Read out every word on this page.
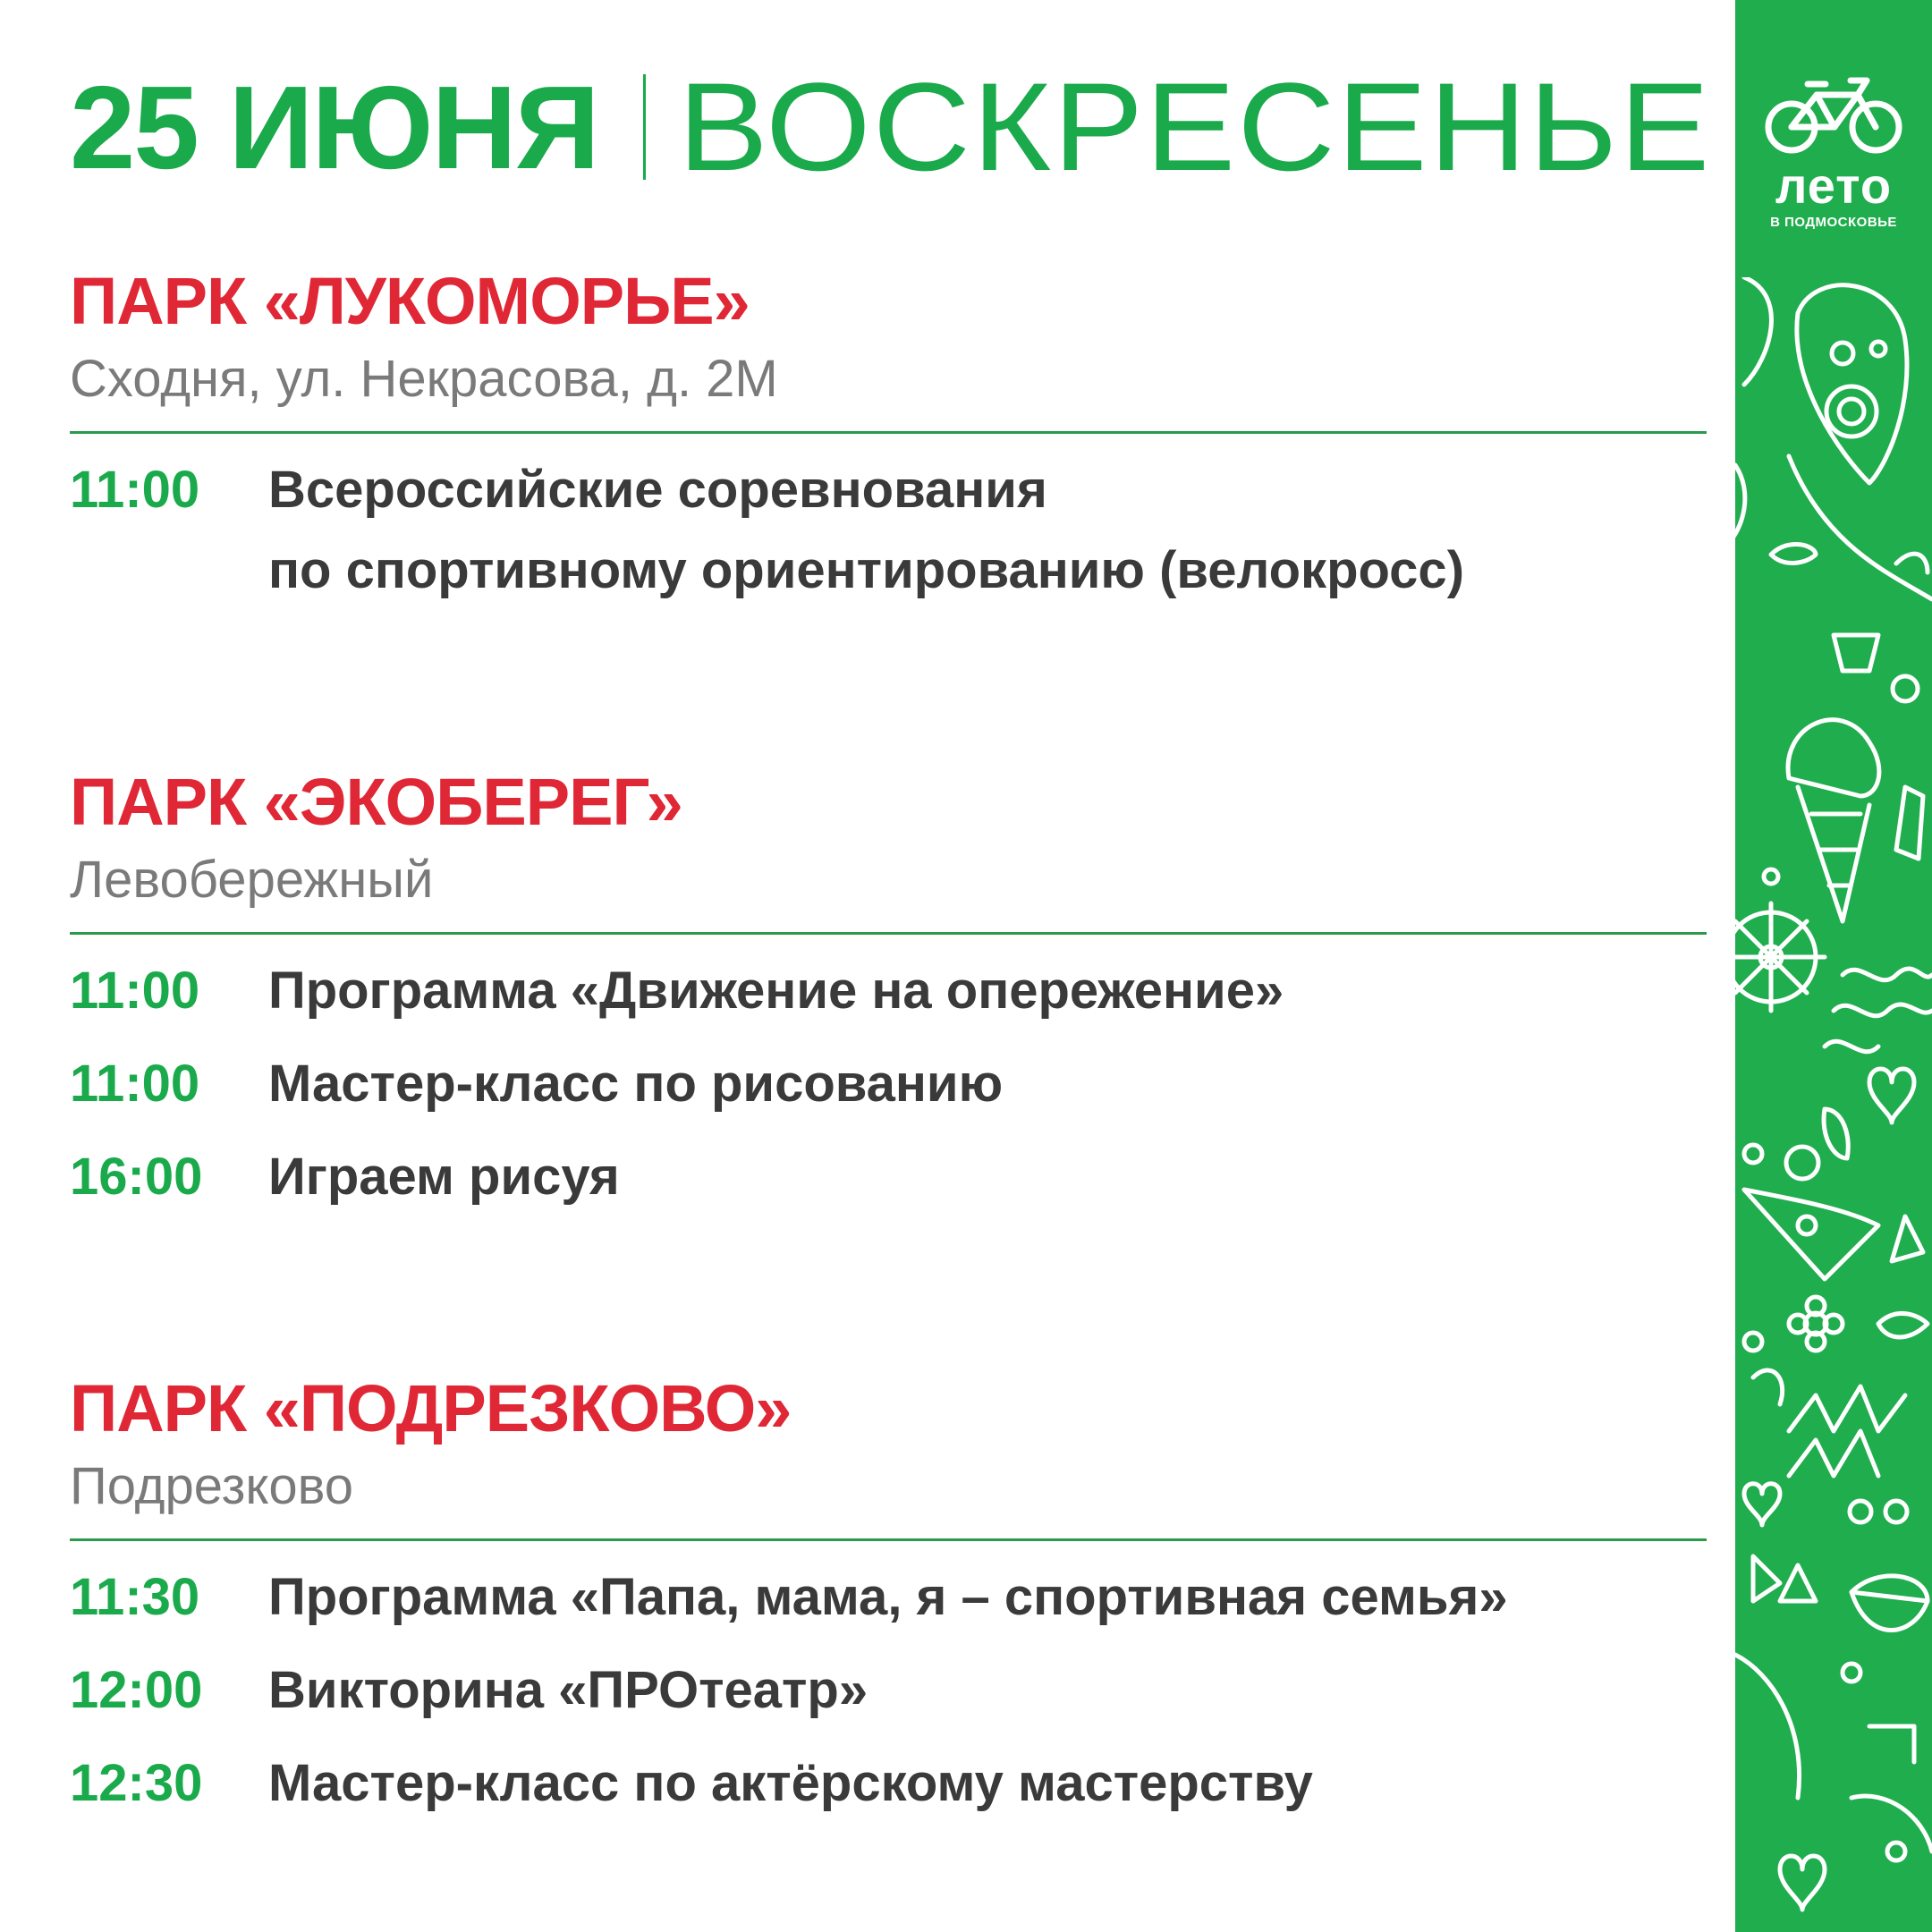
25 ИЮНЯ ВОСКРЕСЕНЬЕ
ПАРК «ЛУКОМОРЬЕ»
Сходня, ул. Некрасова, д. 2М
11:00	Всероссийские соревнования
по спортивному ориентированию (велокросс)
ПАРК «ЭКОБЕРЕГ»
Левобережный
11:00	Программа «Движение на опережение»
11:00	Мастер-класс по рисованию
16:00	Играем рисуя
ПАРК «ПОДРЕЗКОВО»
Подрезково
11:30	Программа «Папа, мама, я – спортивная семья»
12:00	Викторина «ПРОтеатр»
12:30	Мастер-класс по актёрскому мастерству
лето
В ПОДМОСКОВЬЕ
